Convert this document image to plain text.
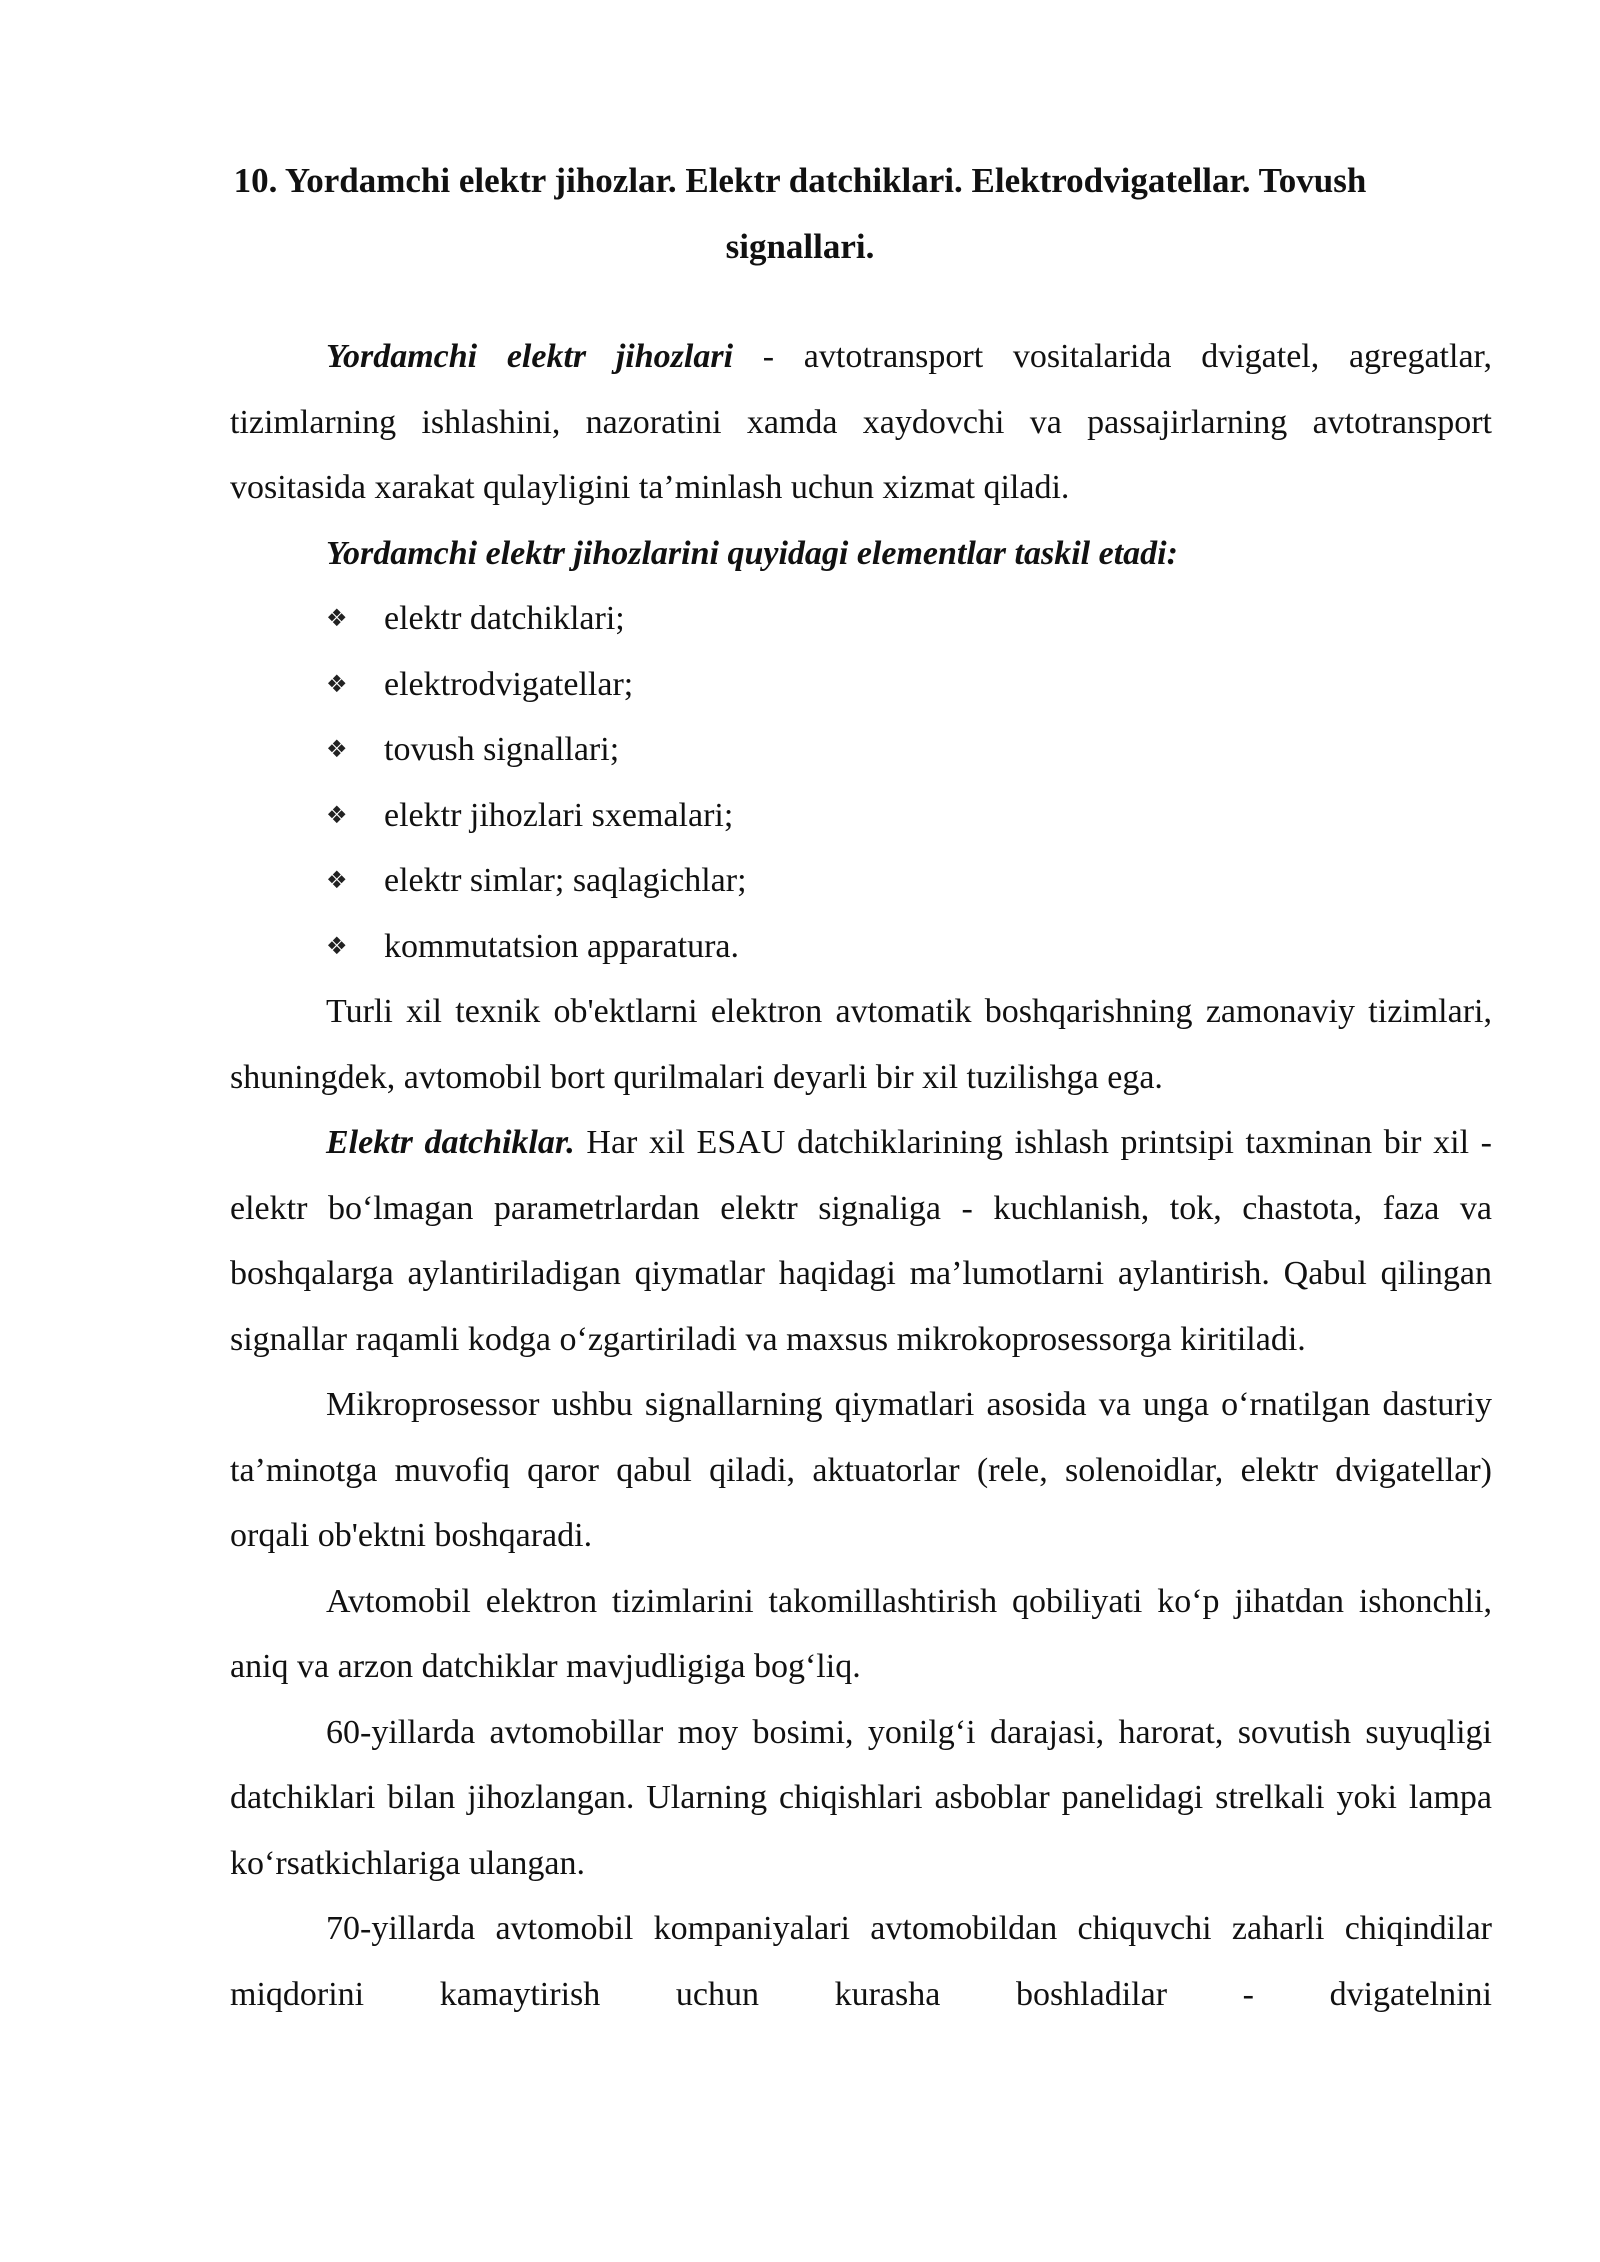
10. Yordamchi elektr jihozlar. Elektr datchiklari. Elektrodvigatellar. Tovush signallari.

Yordamchi elektr jihozlari - avtotransport vositalarida dvigatel, agregatlar, tizimlarning ishlashini, nazoratini xamda xaydovchi va passajirlarning avtotransport vositasida xarakat qulayligini ta’minlash uchun xizmat qiladi.

Yordamchi elektr jihozlarini quyidagi elementlar taskil etadi:

❖ elektr datchiklari;
❖ elektrodvigatellar;
❖ tovush signallari;
❖ elektr jihozlari sxemalari;
❖ elektr simlar; saqlagichlar;
❖ kommutatsion apparatura.

Turli xil texnik ob'ektlarni elektron avtomatik boshqarishning zamonaviy tizimlari, shuningdek, avtomobil bort qurilmalari deyarli bir xil tuzilishga ega.

Elektr datchiklar. Har xil ESAU datchiklarining ishlash printsipi taxminan bir xil - elektr bo‘lmagan parametrlardan elektr signaliga - kuchlanish, tok, chastota, faza va boshqalarga aylantiriladigan qiymatlar haqidagi ma’lumotlarni aylantirish. Qabul qilingan signallar raqamli kodga o‘zgartiriladi va maxsus mikrokoprosessorga kiritiladi.

Mikroprosessor ushbu signallarning qiymatlari asosida va unga o‘rnatilgan dasturiy ta’minotga muvofiq qaror qabul qiladi, aktuatorlar (rele, solenoidlar, elektr dvigatellar) orqali ob'ektni boshqaradi.

Avtomobil elektron tizimlarini takomillashtirish qobiliyati ko‘p jihatdan ishonchli, aniq va arzon datchiklar mavjudligiga bog‘liq.

60-yillarda avtomobillar moy bosimi, yonilg‘i darajasi, harorat, sovutish suyuqligi datchiklari bilan jihozlangan. Ularning chiqishlari asboblar panelidagi strelkali yoki lampa ko‘rsatkichlariga ulangan.

70-yillarda avtomobil kompaniyalari avtomobildan chiquvchi zaharli chiqindilar miqdorini kamaytirish uchun kurasha boshladilar - dvigatelnini
